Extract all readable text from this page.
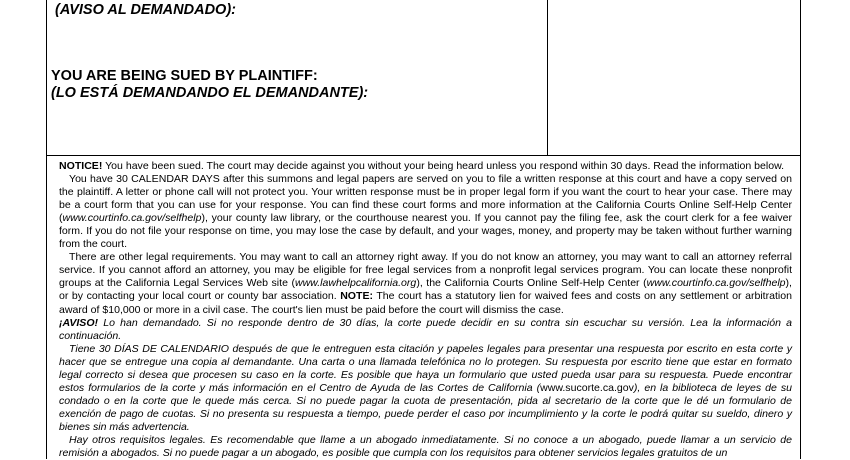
(AVISO AL DEMANDADO):
YOU ARE BEING SUED BY PLAINTIFF:
(LO ESTÁ DEMANDANDO EL DEMANDANTE):

NOTICE! You have been sued. The court may decide against you without your being heard unless you respond within 30 days. Read the information below.

You have 30 CALENDAR DAYS after this summons and legal papers are served on you to file a written response at this court and have a copy served on the plaintiff. A letter or phone call will not protect you. Your written response must be in proper legal form if you want the court to hear your case. There may be a court form that you can use for your response. You can find these court forms and more information at the California Courts Online Self-Help Center (www.courtinfo.ca.gov/selfhelp), your county law library, or the courthouse nearest you. If you cannot pay the filing fee, ask the court clerk for a fee waiver form. If you do not file your response on time, you may lose the case by default, and your wages, money, and property may be taken without further warning from the court.

There are other legal requirements. You may want to call an attorney right away. If you do not know an attorney, you may want to call an attorney referral service. If you cannot afford an attorney, you may be eligible for free legal services from a nonprofit legal services program. You can locate these nonprofit groups at the California Legal Services Web site (www.lawhelpcalifornia.org), the California Courts Online Self-Help Center (www.courtinfo.ca.gov/selfhelp), or by contacting your local court or county bar association. NOTE: The court has a statutory lien for waived fees and costs on any settlement or arbitration award of $10,000 or more in a civil case. The court's lien must be paid before the court will dismiss the case.

¡AVISO! Lo han demandado. Si no responde dentro de 30 días, la corte puede decidir en su contra sin escuchar su versión. Lea la información a continuación.

Tiene 30 DÍAS DE CALENDARIO después de que le entreguen esta citación y papeles legales para presentar una respuesta por escrito en esta corte y hacer que se entregue una copia al demandante. Una carta o una llamada telefónica no lo protegen. Su respuesta por escrito tiene que estar en formato legal correcto si desea que procesen su caso en la corte. Es posible que haya un formulario que usted pueda usar para su respuesta. Puede encontrar estos formularios de la corte y más información en el Centro de Ayuda de las Cortes de California (www.sucorte.ca.gov), en la biblioteca de leyes de su condado o en la corte que le quede más cerca. Si no puede pagar la cuota de presentación, pida al secretario de la corte que le dé un formulario de exención de pago de cuotas. Si no presenta su respuesta a tiempo, puede perder el caso por incumplimiento y la corte le podrá quitar su sueldo, dinero y bienes sin más advertencia.

Hay otros requisitos legales. Es recomendable que llame a un abogado inmediatamente. Si no conoce a un abogado, puede llamar a un servicio de remisión a abogados. Si no puede pagar a un abogado, es posible que cumpla con los requisitos para obtener servicios legales gratuitos de un
